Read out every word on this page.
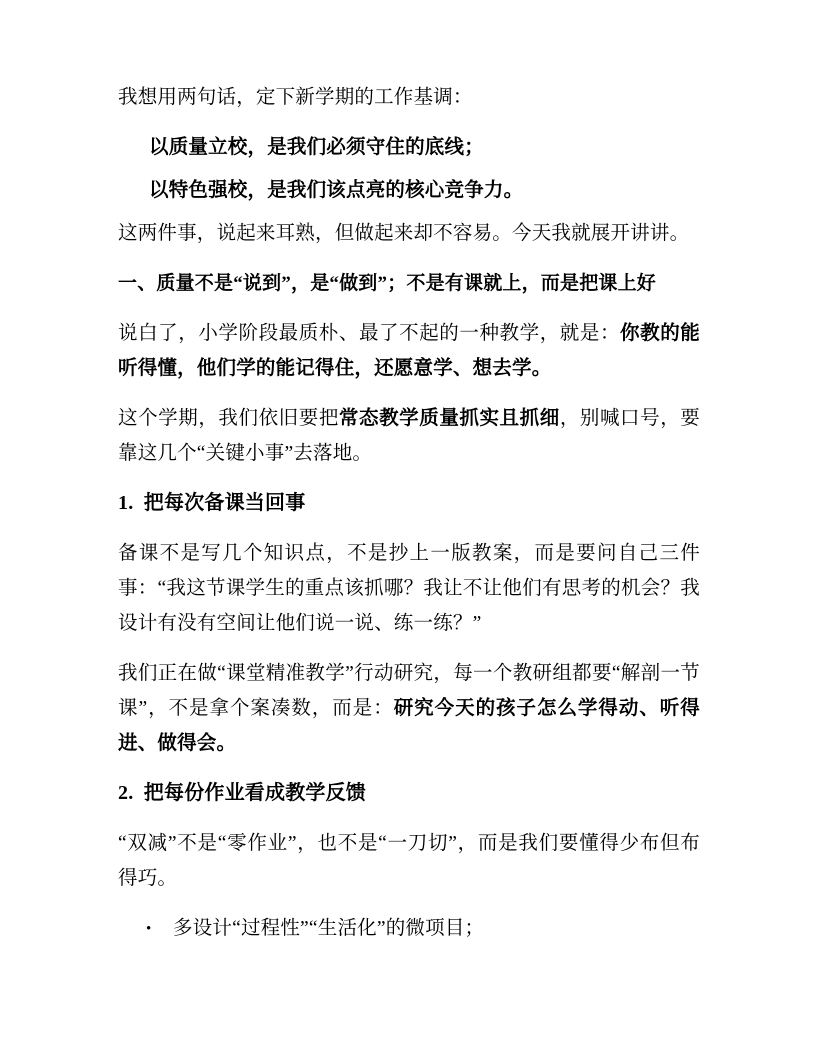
我想用两句话，定下新学期的工作基调：
以质量立校，是我们必须守住的底线；
以特色强校，是我们该点亮的核心竞争力。
这两件事，说起来耳熟，但做起来却不容易。今天我就展开讲讲。
一、质量不是“说到”，是“做到”；不是有课就上，而是把课上好
说白了，小学阶段最质朴、最了不起的一种教学，就是：你教的能听得懂，他们学的能记得住，还愿意学、想去学。
这个学期，我们依旧要把常态教学质量抓实且抓细，别喊口号，要靠这几个“关键小事”去落地。
1.  把每次备课当回事
备课不是写几个知识点，不是抄上一版教案，而是要问自己三件事：“我这节课学生的重点该抓哪？我让不让他们有思考的机会？我设计有没有空间让他们说一说、练一练？”
我们正在做“课堂精准教学”行动研究，每一个教研组都要“解剖一节课”，不是拿个案凑数，而是：研究今天的孩子怎么学得动、听得进、做得会。
2.  把每份作业看成教学反馈
“双减”不是“零作业”，也不是“一刀切”，而是我们要懂得少布但布得巧。
• 多设计“过程性”“生活化”的微项目；
